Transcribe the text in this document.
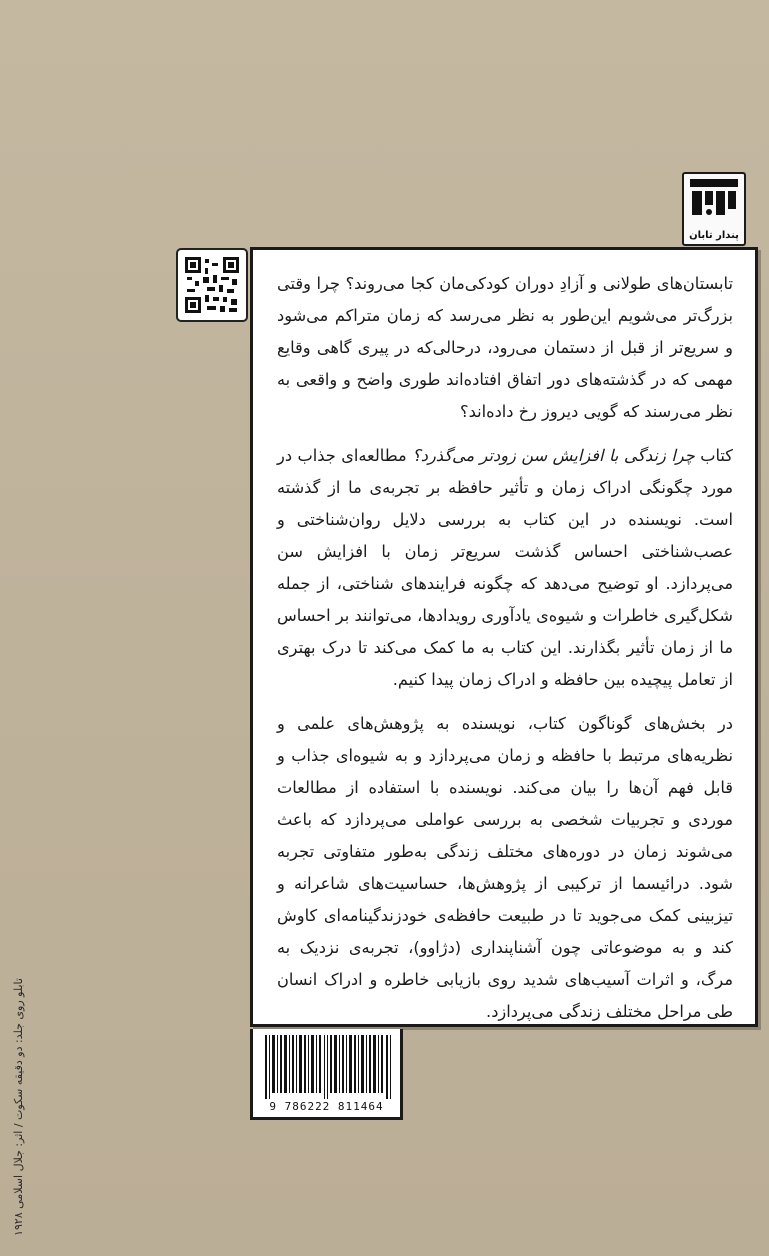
پندار تابان

تابستان‌های طولانی و آزادِ دوران کودکی‌مان کجا می‌روند؟ چرا وقتی بزرگ‌تر می‌شویم این‌طور به نظر می‌رسد که زمان متراکم می‌شود و سریع‌تر از قبل از دستمان می‌رود، درحالی‌که در پیری گاهی وقایع مهمی که در گذشته‌های دور اتفاق افتاده‌اند طوری واضح و واقعی به نظر می‌رسند که گویی دیروز رخ داده‌اند؟

کتاب چرا زندگی با افزایش سن زودتر می‌گذرد؟ مطالعه‌ای جذاب در مورد چگونگی ادراک زمان و تأثیر حافظه بر تجربه‌ی ما از گذشته است. نویسنده در این کتاب به بررسی دلایل روان‌شناختی و عصب‌شناختی احساس گذشت سریع‌تر زمان با افزایش سن می‌پردازد. او توضیح می‌دهد که چگونه فرایندهای شناختی، از جمله شکل‌گیری خاطرات و شیوه‌ی یادآوری رویدادها، می‌توانند بر احساس ما از زمان تأثیر بگذارند. این کتاب به ما کمک می‌کند تا درک بهتری از تعامل پیچیده بین حافظه و ادراک زمان پیدا کنیم.

در بخش‌های گوناگون کتاب، نویسنده به پژوهش‌های علمی و نظریه‌های مرتبط با حافظه و زمان می‌پردازد و به شیوه‌ای جذاب و قابل فهم آن‌ها را بیان می‌کند. نویسنده با استفاده از مطالعات موردی و تجربیات شخصی به بررسی عواملی می‌پردازد که باعث می‌شوند زمان در دوره‌های مختلف زندگی به‌طور متفاوتی تجربه شود. درائیسما از ترکیبی از پژوهش‌ها، حساسیت‌های شاعرانه و تیزبینی کمک می‌جوید تا در طبیعت حافظه‌ی خودزندگینامه‌ای کاوش کند و به موضوعاتی چون آشناپنداری (دژاوو)، تجربه‌ی نزدیک به مرگ، و اثرات آسیب‌های شدید روی بازیابی خاطره و ادراک انسان طی مراحل مختلف زندگی می‌پردازد.

9 786222 811464
تابلو روی جلد: دو دقیقه سکوت / اثر: جلال اسلامی ۱۹۲۸
